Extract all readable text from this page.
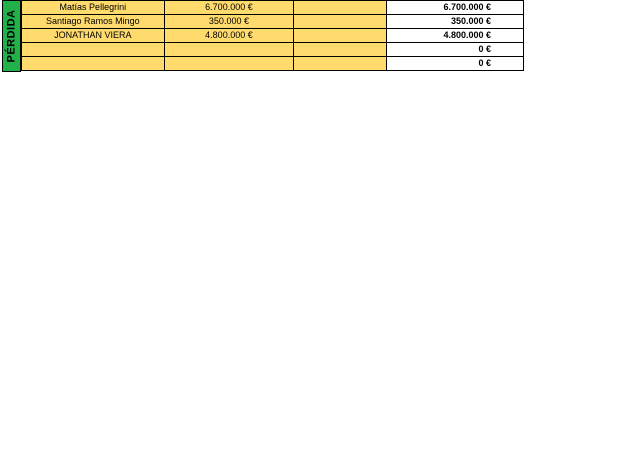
PÉRDIDA
Matías Pellegrini	6.700.000 €		6.700.000 €
Santiago Ramos Mingo	350.000 €		350.000 €
JONATHAN VIERA	4.800.000 €		4.800.000 €
			0 €
			0 €
